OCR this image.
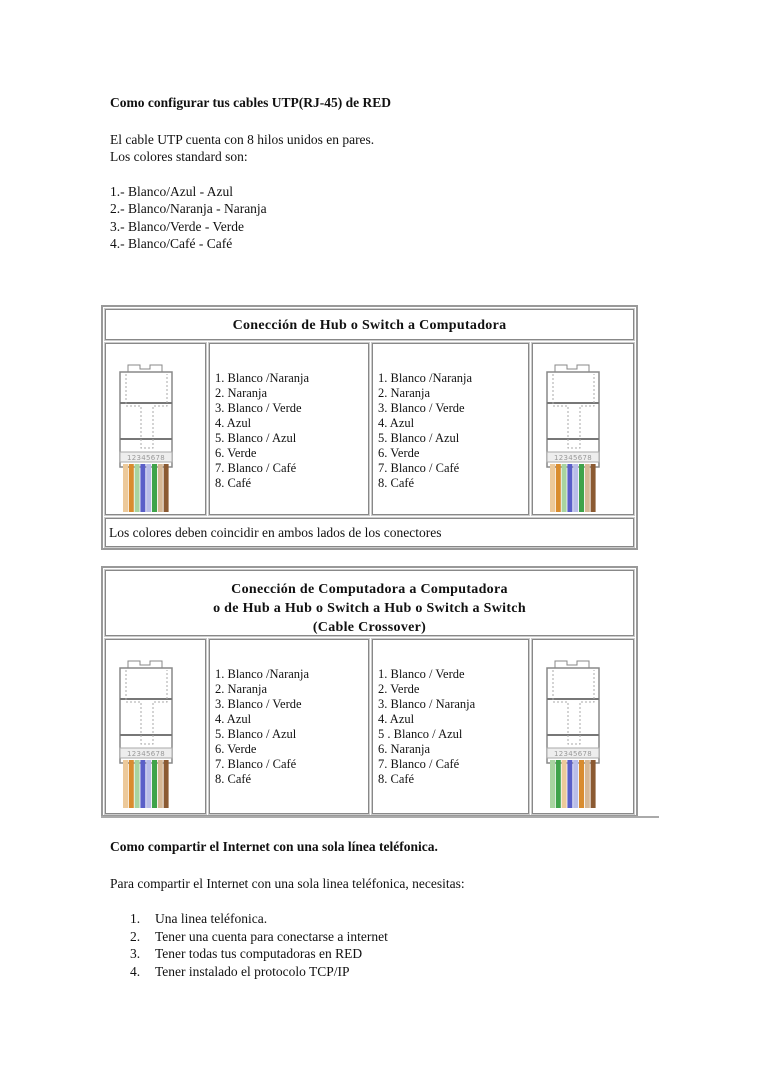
Como configurar tus cables UTP(RJ-45) de RED
El cable UTP cuenta con 8 hilos unidos en pares.
Los colores standard son:
1.- Blanco/Azul - Azul
2.- Blanco/Naranja - Naranja
3.- Blanco/Verde - Verde
4.- Blanco/Café - Café
Conección de Hub o Switch a Computadora
12345678
1. Blanco /Naranja
2. Naranja
3. Blanco / Verde
4. Azul
5. Blanco / Azul
6. Verde
7. Blanco / Café
8. Café
1. Blanco /Naranja
2. Naranja
3. Blanco / Verde
4. Azul
5. Blanco / Azul
6. Verde
7. Blanco / Café
8. Café
12345678
Los colores deben coincidir en ambos lados de los conectores
Conección de Computadora a Computadora
o de Hub a Hub o Switch a Hub o Switch a Switch
(Cable Crossover)
12345678
1. Blanco /Naranja
2. Naranja
3. Blanco / Verde
4. Azul
5. Blanco / Azul
6. Verde
7. Blanco / Café
8. Café
1. Blanco / Verde
2. Verde
3. Blanco / Naranja
4. Azul
5 . Blanco / Azul
6. Naranja
7. Blanco / Café
8. Café
12345678
Como compartir el Internet con una sola línea teléfonica.
Para compartir el Internet con una sola linea teléfonica, necesitas:
1. Una linea teléfonica.
2. Tener una cuenta para conectarse a internet
3. Tener todas tus computadoras en RED
4. Tener instalado el protocolo TCP/IP
